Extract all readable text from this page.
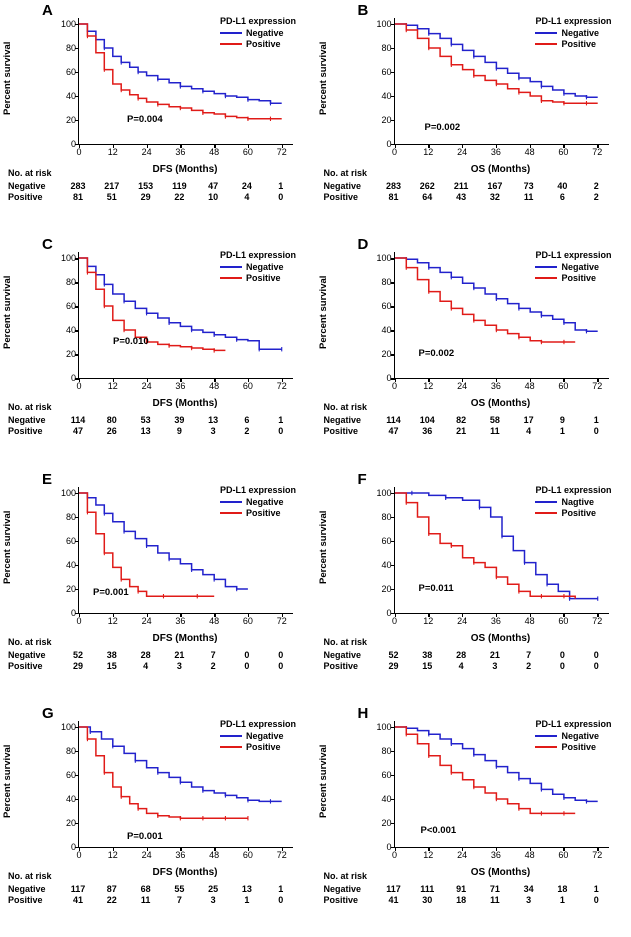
A
Percent survival
0
20
40
60
80
100
0	12	24	36	48	60	72
P=0.004
DFS (Months)
PD-L1 expression
Negative
Positive
No. at risk
Negative	283 217 153 119 47	24	1
Positive	81	51	29	22	10	4	0
B
Percent survival
0
20
40
60
80
100
0	12	24	36	48	60	72
P=0.002
OS (Months)
PD-L1 expression
Negative
Positive
No. at risk
Negative	283 262 211 167 73	40	2
Positive	81	64	43	32	11	6	2
C
Percent survival
0
20
40
60
80
100
0	12	24	36	48	60	72
P=0.010
DFS (Months)
PD-L1 expression
Negative
Positive
No. at risk
Negative	114 80	53	39	13	6	1
Positive	47	26	13	9	3	2	0
D
Percent survival
0
20
40
60
80
100
0	12	24	36	48	60	72
P=0.002
OS (Months)
PD-L1 expression
Negative
Positive
No. at risk
Negative	114 104 82	58	17	9	1
Positive	47	36	21	11	4	1	0
E
Percent survival
0
20
40
60
80
100
0	12	24	36	48	60	72
P=0.001
DFS (Months)
PD-L1 expression
Negative
Positive
No. at risk
Negative	52	38	28	21	7	0	0
Positive	29	15	4	3	2	0	0
F
Percent survival
0
20
40
60
80
100
0	12	24	36	48	60	72
P=0.011
OS (Months)
PD-L1 expression
Nagtive
Positive
No. at risk
Negative	52	38	28	21	7	0	0
Positive	29	15	4	3	2	0	0
G
Percent survival
0
20
40
60
80
100
0	12	24	36	48	60	72
P=0.001
DFS (Months)
PD-L1 expression
Negative
Positive
No. at risk
Negative	117 87	68	55	25	13	1
Positive	41	22	11	7	3	1	0
H
Percent survival
0
20
40
60
80
100
0	12	24	36	48	60	72
P<0.001
OS (Months)
PD-L1 expression
Negative
Positive
No. at risk
Negative	117 111 91	71	34	18	1
Positive	41	30	18	11	3	1	0
